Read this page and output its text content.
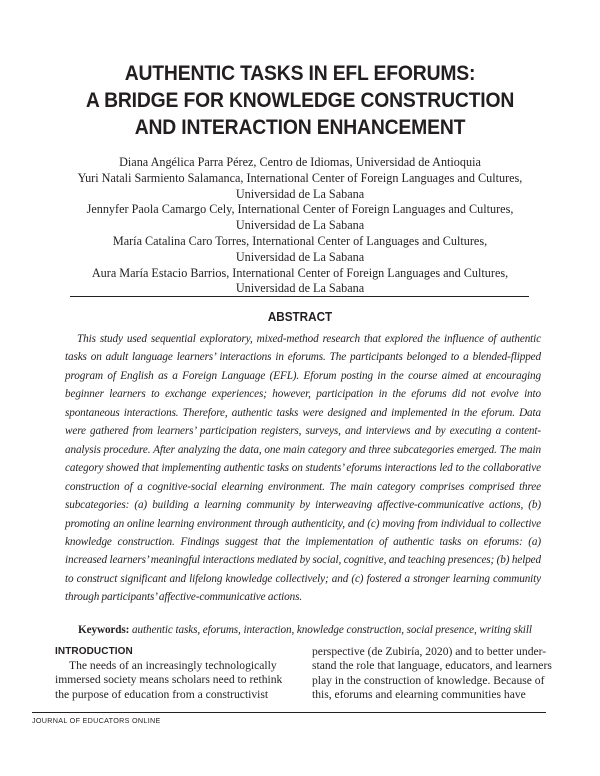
AUTHENTIC TASKS IN EFL EFORUMS:
A BRIDGE FOR KNOWLEDGE CONSTRUCTION
AND INTERACTION ENHANCEMENT
Diana Angélica Parra Pérez, Centro de Idiomas, Universidad de Antioquia
Yuri Natali Sarmiento Salamanca, International Center of Foreign Languages and Cultures,
Universidad de La Sabana
Jennyfer Paola Camargo Cely, International Center of Foreign Languages and Cultures,
Universidad de La Sabana
María Catalina Caro Torres, International Center of Languages and Cultures,
Universidad de La Sabana
Aura María Estacio Barrios, International Center of Foreign Languages and Cultures,
Universidad de La Sabana
ABSTRACT
This study used sequential exploratory, mixed-method research that explored the influence of authentic tasks on adult language learners’ interactions in eforums. The participants belonged to a blended-flipped program of English as a Foreign Language (EFL). Eforum posting in the course aimed at encouraging beginner learners to exchange experiences; however, participation in the eforums did not evolve into spontaneous interactions. Therefore, authentic tasks were designed and implemented in the eforum. Data were gathered from learners’ participation registers, surveys, and interviews and by executing a content-analysis procedure. After analyzing the data, one main category and three subcategories emerged. The main category showed that implementing authentic tasks on students’ eforums interactions led to the collaborative construction of a cognitive-social elearning environment. The main category comprises comprised three subcategories: (a) building a learning community by interweaving affective-communicative actions, (b) promoting an online learning environment through authenticity, and (c) moving from individual to collective knowledge construction. Findings suggest that the implementation of authentic tasks on eforums: (a) increased learners’ meaningful interactions mediated by social, cognitive, and teaching presences; (b) helped to construct significant and lifelong knowledge collectively; and (c) fostered a stronger learning community through participants’ affective-communicative actions.
Keywords: authentic tasks, eforums, interaction, knowledge construction, social presence, writing skill
INTRODUCTION
The needs of an increasingly technologically
immersed society means scholars need to rethink
the purpose of education from a constructivist
perspective (de Zubiría, 2020) and to better under-
stand the role that language, educators, and learners
play in the construction of knowledge. Because of
this, eforums and elearning communities have
JOURNAL OF EDUCATORS ONLINE
